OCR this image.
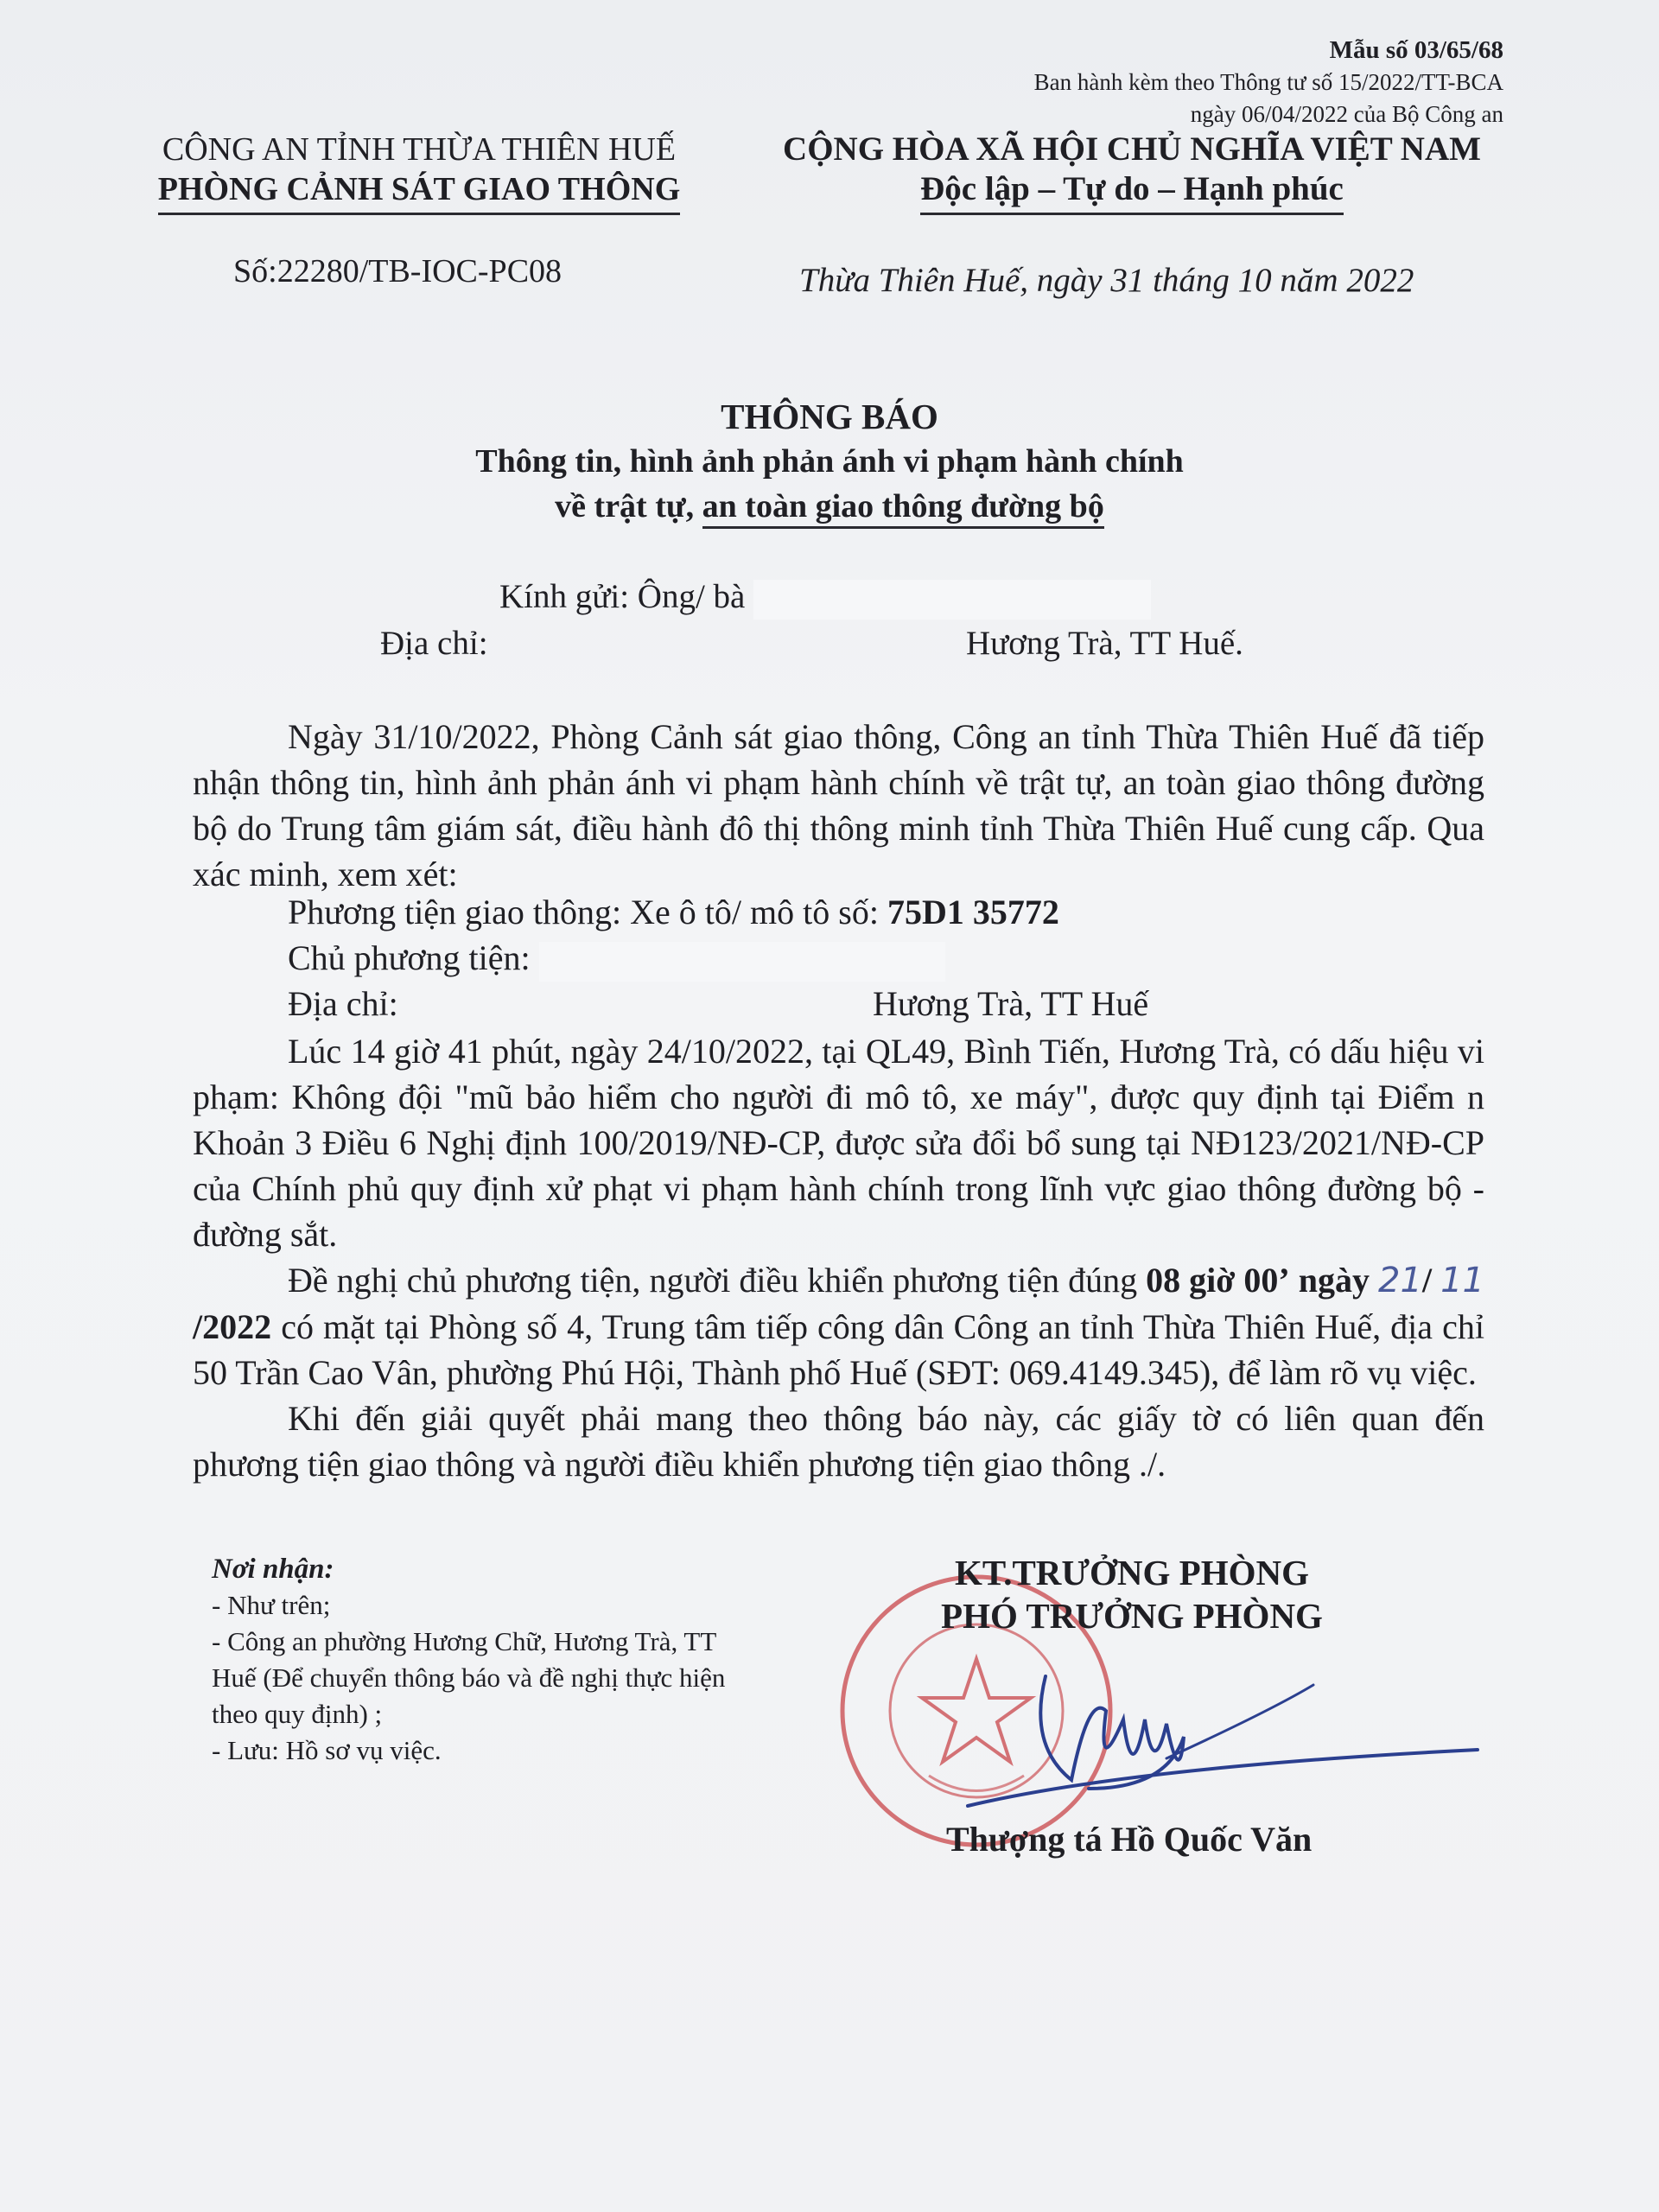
Mẫu số 03/65/68
Ban hành kèm theo Thông tư số 15/2022/TT-BCA
ngày 06/04/2022 của Bộ Công an
CÔNG AN TỈNH THỪA THIÊN HUẾ
PHÒNG CẢNH SÁT GIAO THÔNG
CỘNG HÒA XÃ HỘI CHỦ NGHĨA VIỆT NAM
Độc lập – Tự do – Hạnh phúc
Số:22280/TB-IOC-PC08	Thừa Thiên Huế, ngày 31 tháng 10 năm 2022
THÔNG BÁO
Thông tin, hình ảnh phản ánh vi phạm hành chính
về trật tự, an toàn giao thông đường bộ
Kính gửi: Ông/ bà
Địa chỉ:	Hương Trà, TT Huế.

Ngày 31/10/2022, Phòng Cảnh sát giao thông, Công an tỉnh Thừa Thiên Huế đã tiếp nhận thông tin, hình ảnh phản ánh vi phạm hành chính về trật tự, an toàn giao thông đường bộ do Trung tâm giám sát, điều hành đô thị thông minh tỉnh Thừa Thiên Huế cung cấp. Qua xác minh, xem xét:

Phương tiện giao thông: Xe ô tô/ mô tô số: 75D1 35772
Chủ phương tiện:
Địa chỉ:	Hương Trà, TT Huế

Lúc 14 giờ 41 phút, ngày 24/10/2022, tại QL49, Bình Tiến, Hương Trà, có dấu hiệu vi phạm: Không đội "mũ bảo hiểm cho người đi mô tô, xe máy", được quy định tại Điểm n Khoản 3 Điều 6 Nghị định 100/2019/NĐ-CP, được sửa đổi bổ sung tại NĐ123/2021/NĐ-CP của Chính phủ quy định xử phạt vi phạm hành chính trong lĩnh vực giao thông đường bộ - đường sắt.

Đề nghị chủ phương tiện, người điều khiển phương tiện đúng 08 giờ 00’ ngày 21/ 11 /2022 có mặt tại Phòng số 4, Trung tâm tiếp công dân Công an tỉnh Thừa Thiên Huế, địa chỉ 50 Trần Cao Vân, phường Phú Hội, Thành phố Huế (SĐT: 069.4149.345), để làm rõ vụ việc.

Khi đến giải quyết phải mang theo thông báo này, các giấy tờ có liên quan đến phương tiện giao thông và người điều khiển phương tiện giao thông ./.

Nơi nhận:
- Như trên;
- Công an phường Hương Chữ, Hương Trà, TT
Huế (Để chuyển thông báo và đề nghị thực hiện
theo quy định) ;
- Lưu: Hồ sơ vụ việc.
KT.TRƯỞNG PHÒNG
PHÓ TRƯỞNG PHÒNG
Thượng tá Hồ Quốc Văn
